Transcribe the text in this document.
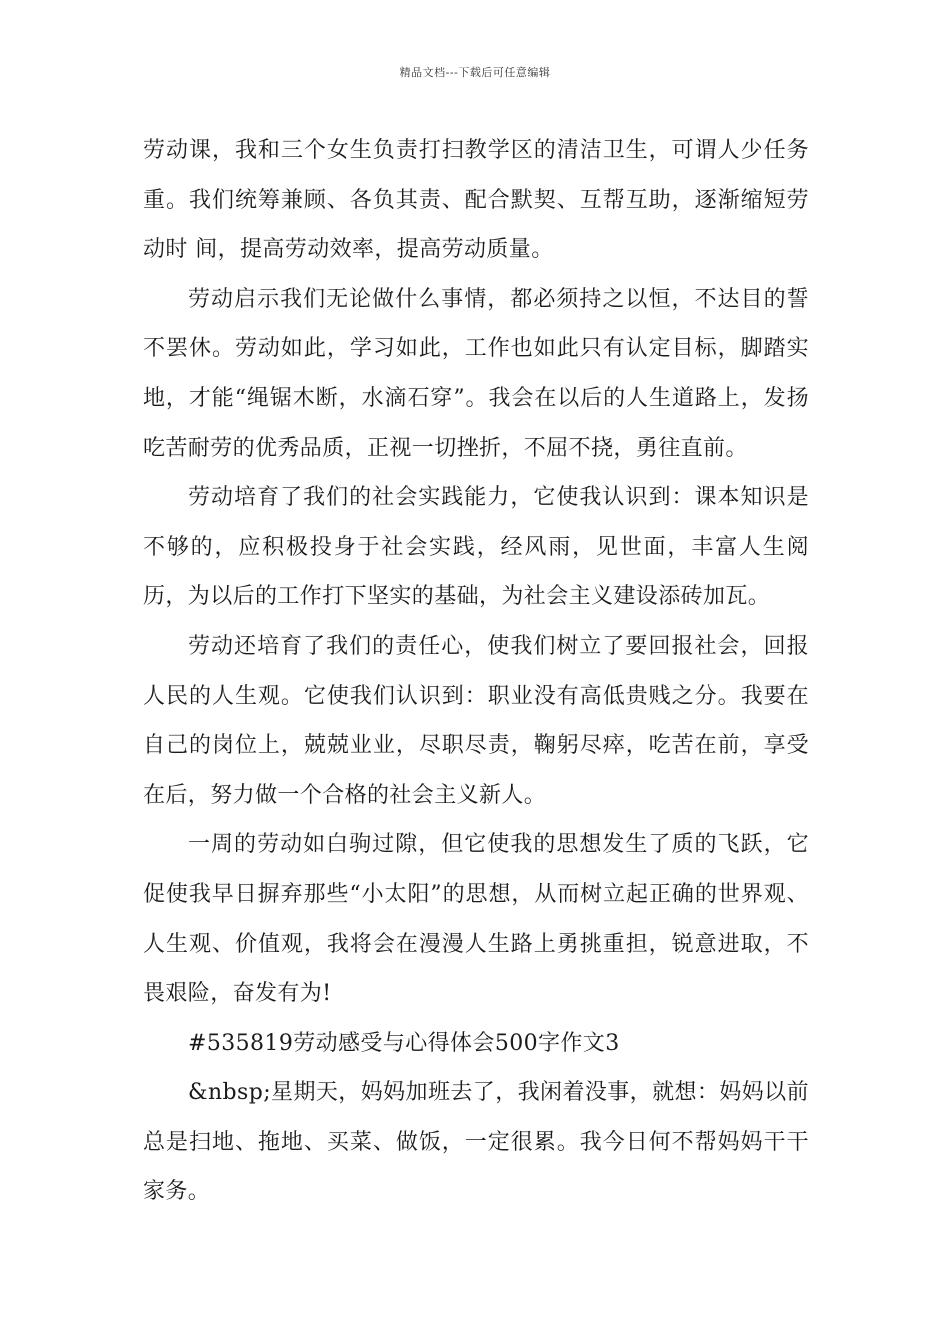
精品文档---下载后可任意编辑

劳动课，我和三个女生负责打扫教学区的清洁卫生，可谓人少任务重。我们统筹兼顾、各负其责、配合默契、互帮互助，逐渐缩短劳动时 间，提高劳动效率，提高劳动质量。

劳动启示我们无论做什么事情，都必须持之以恒，不达目的誓不罢休。劳动如此，学习如此，工作也如此只有认定目标，脚踏实地，才能“绳锯木断，水滴石穿”。我会在以后的人生道路上，发扬吃苦耐劳的优秀品质，正视一切挫折，不屈不挠，勇往直前。

劳动培育了我们的社会实践能力，它使我认识到：课本知识是不够的，应积极投身于社会实践，经风雨，见世面，丰富人生阅历，为以后的工作打下坚实的基础，为社会主义建设添砖加瓦。

劳动还培育了我们的责任心，使我们树立了要回报社会，回报人民的人生观。它使我们认识到：职业没有高低贵贱之分。我要在自己的岗位上，兢兢业业，尽职尽责，鞠躬尽瘁，吃苦在前，享受在后，努力做一个合格的社会主义新人。

一周的劳动如白驹过隙，但它使我的思想发生了质的飞跃，它促使我早日摒弃那些“小太阳”的思想，从而树立起正确的世界观、人生观、价值观，我将会在漫漫人生路上勇挑重担，锐意进取，不畏艰险，奋发有为!

#535819劳动感受与心得体会500字作文3

&nbsp;星期天，妈妈加班去了，我闲着没事，就想：妈妈以前总是扫地、拖地、买菜、做饭，一定很累。我今日何不帮妈妈干干家务。
